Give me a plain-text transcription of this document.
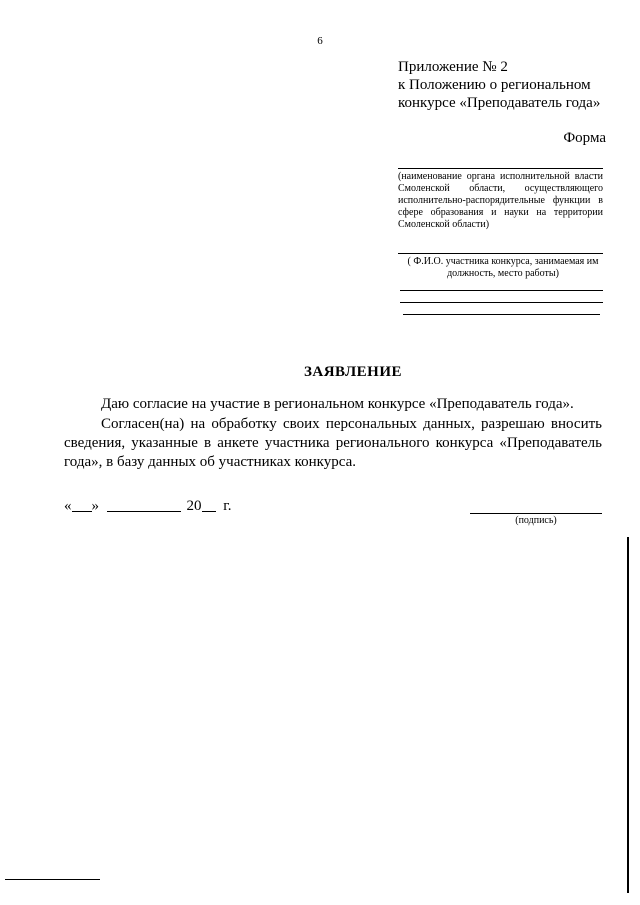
6
Приложение № 2
к Положению о региональном
конкурсе «Преподаватель года»
Форма
(наименование органа исполнительной власти Смоленской области, осуществляющего исполнительно-распорядительные функции в сфере образования и науки на территории Смоленской области)
( Ф.И.О. участника конкурса, занимаемая им должность, место работы)
ЗАЯВЛЕНИЕ
Даю согласие на участие в региональном конкурсе «Преподаватель года».
Согласен(на) на обработку своих персональных данных, разрешаю вносить сведения, указанные в анкете участника регионального конкурса «Преподаватель года», в базу данных об участниках конкурса.
« »	20 г.
(подпись)
